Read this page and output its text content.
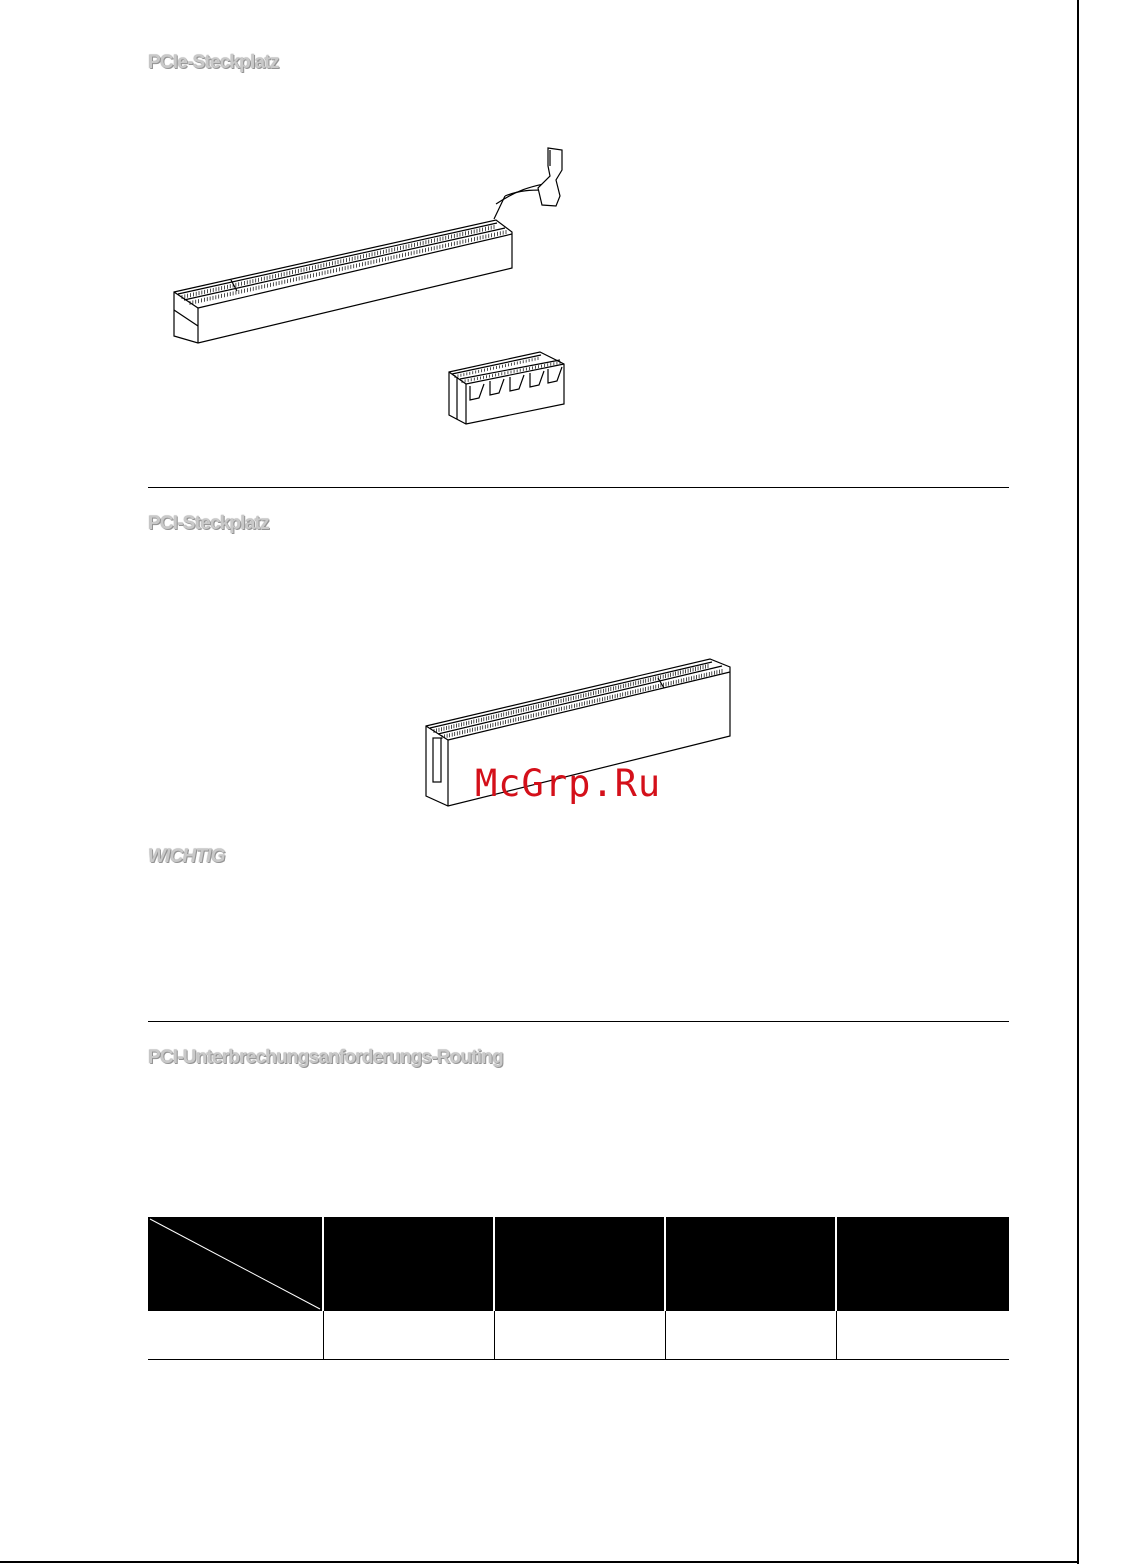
PCIe-Steckplatz
PCI-Steckplatz
McGrp.Ru
WICHTIG
PCI-Unterbrechungsanforderungs-Routing
